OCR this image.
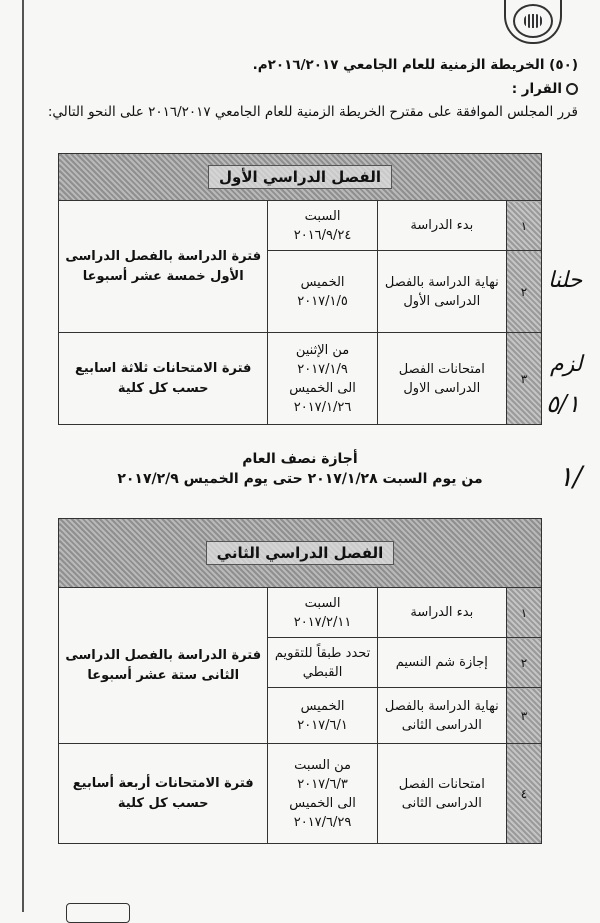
(٥٠) الخريطة الزمنية للعام الجامعي ٢٠١٦/٢٠١٧م.
القرار :
قرر المجلس الموافقة على مقترح الخريطة الزمنية للعام الجامعي ٢٠١٦/٢٠١٧ على النحو التالي:
الفصل الدراسي الأول			
١	بدء الدراسة	السبت
٢٠١٦/٩/٢٤	فترة الدراسة بالفصل الدراسى الأول خمسة عشر أسبوعا
٢	نهاية الدراسة بالفصل الدراسى الأول	الخميس
٢٠١٧/١/٥	

٣	امتحانات الفصل الدراسى الاول	من الإثنين
٢٠١٧/١/٩
الى الخميس
٢٠١٧/١/٢٦	فترة الامتحانات ثلاثة اسابيع حسب كل كلية
أجازة نصف العام
من يوم السبت ٢٠١٧/١/٢٨ حتى يوم الخميس ٢٠١٧/٢/٩
الفصل الدراسي الثاني			
١	بدء الدراسة	السبت
٢٠١٧/٢/١١	فترة الدراسة بالفصل الدراسى الثانى ستة عشر أسبوعا
٢	إجازة شم النسيم	تحدد طبقاً للتقويم
القبطي	

٣	نهاية الدراسة بالفصل الدراسى الثانى	الخميس
٢٠١٧/٦/١	

٤	امتحانات الفصل الدراسى الثانى	من السبت
٢٠١٧/٦/٣
الى الخميس
٢٠١٧/٦/٢٩	فترة الامتحانات أربعة أسابيع حسب كل كلية
حلنا
لزم
٥/١
١/
